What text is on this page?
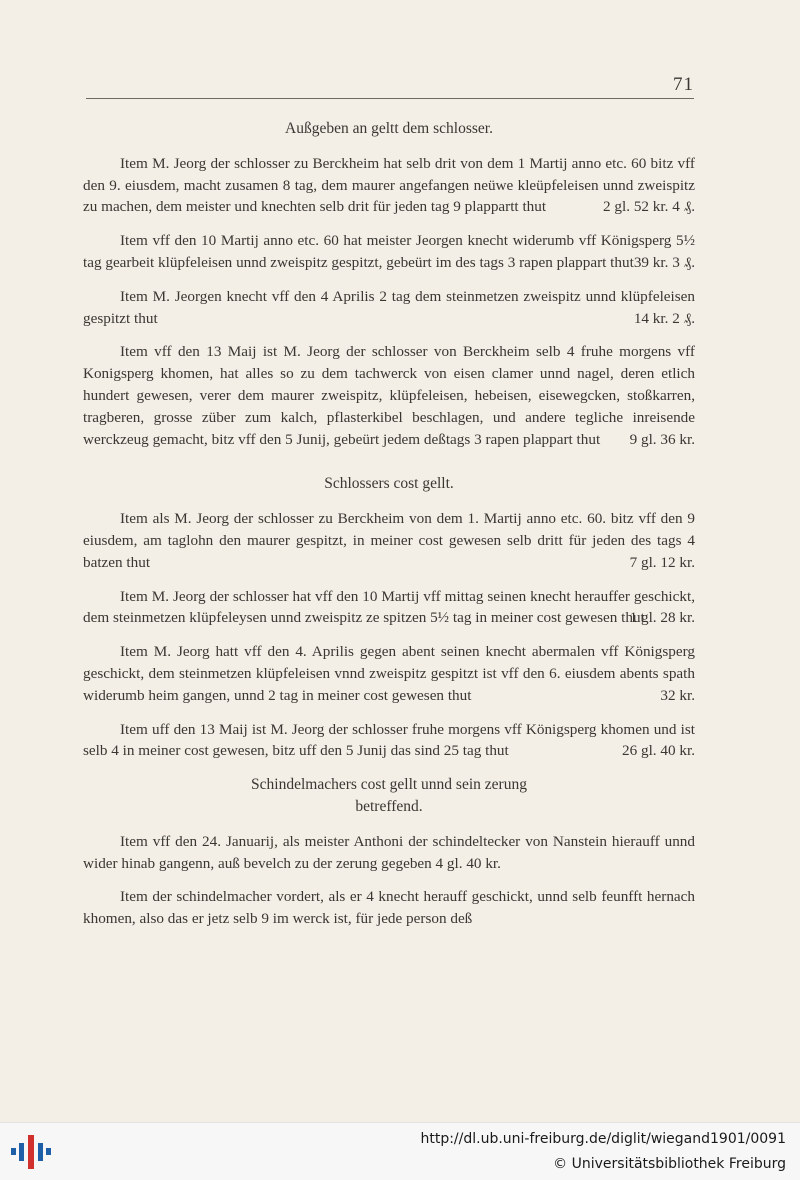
71
Außgeben an geltt dem schlosser.

Item M. Jeorg der schlosser zu Berckheim hat selb drit von dem 1 Martij anno etc. 60 bitz vff den 9. eiusdem, macht zusamen 8 tag, dem maurer angefangen neüwe kleüpfeleisen unnd zweispitz zu machen, dem meister und knechten selb drit für jeden tag 9 plappartt thut	2 gl. 52 kr. 4 ₰.

Item vff den 10 Martij anno etc. 60 hat meister Jeorgen knecht widerumb vff Königsperg 5½ tag gearbeit klüpfeleisen unnd zweispitz gespitzt, gebeürt im des tags 3 rapen plappart thut 39 kr. 3 ₰.

Item M. Jeorgen knecht vff den 4 Aprilis 2 tag dem steinmetzen zweispitz unnd klüpfeleisen gespitzt thut	14 kr. 2 ₰.

Item vff den 13 Maij ist M. Jeorg der schlosser von Berckheim selb 4 fruhe morgens vff Konigsperg khomen, hat alles so zu dem tachwerck von eisen clamer unnd nagel, deren etlich hundert gewesen, verer dem maurer zweispitz, klüpfeleisen, hebeisen, eisewegcken, stoßkarren, tragberen, grosse züber zum kalch, pflasterkibel beschlagen, und andere tegliche inreisende werckzeug gemacht, bitz vff den 5 Junij, gebeürt jedem deßtags 3 rapen plappart thut	9 gl. 36 kr.

Schlossers cost gellt.

Item als M. Jeorg der schlosser zu Berckheim von dem 1. Martij anno etc. 60. bitz vff den 9 eiusdem, am taglohn den maurer gespitzt, in meiner cost gewesen selb dritt für jeden des tags 4 batzen thut	7 gl. 12 kr.

Item M. Jeorg der schlosser hat vff den 10 Martij vff mittag seinen knecht herauffer geschickt, dem steinmetzen klüpfeleysen unnd zweispitz ze spitzen 5½ tag in meiner cost gewesen thut
1 gl. 28 kr.

Item M. Jeorg hatt vff den 4. Aprilis gegen abent seinen knecht abermalen vff Königsperg geschickt, dem steinmetzen klüpfeleisen vnnd zweispitz gespitzt ist vff den 6. eiusdem abents spath widerumb heim gangen, unnd 2 tag in meiner cost gewesen thut	32 kr.

Item uff den 13 Maij ist M. Jeorg der schlosser fruhe morgens vff Königsperg khomen und ist selb 4 in meiner cost gewesen, bitz uff den 5 Junij das sind 25 tag thut	26 gl. 40 kr.

Schindelmachers cost gellt unnd sein zerung betreffend.

Item vff den 24. Januarij, als meister Anthoni der schindeltecker von Nanstein hierauff unnd wider hinab gangenn, auß bevelch zu der zerung gegeben 4 gl. 40 kr.

Item der schindelmacher vordert, als er 4 knecht herauff geschickt, unnd selb feunfft hernach khomen, also das er jetz selb 9 im werck ist, für jede person deß

http://dl.ub.uni-freiburg.de/diglit/wiegand1901/0091
© Universitätsbibliothek Freiburg
